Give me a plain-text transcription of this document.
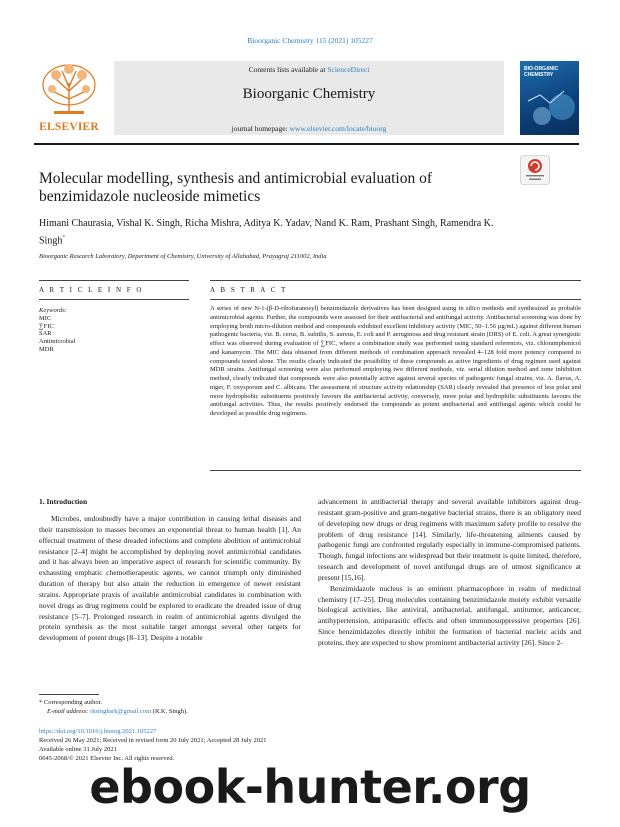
Bioorganic Chemistry 115 (2021) 105227
ELSEVIER
Contents lists available at ScienceDirect
Bioorganic Chemistry
journal homepage: www.elsevier.com/locate/bioorg
BIO-ORGANIC CHEMISTRY
Molecular modelling, synthesis and antimicrobial evaluation of benzimidazole nucleoside mimetics
Himani Chaurasia, Vishal K. Singh, Richa Mishra, Aditya K. Yadav, Nand K. Ram, Prashant Singh, Ramendra K. Singh*
Bioorganic Research Laboratory, Department of Chemistry, University of Allahabad, Prayagraj 211002, India
A R T I C L E I N F O	A B S T R A C T
Keywords:
MIC
∑FIC
SAR
Antimicrobial
MDR
A series of new N-1-(β-D-ribofuranosyl) benzimidazole derivatives has been designed using in silico methods and synthesized as probable antimicrobial agents. Further, the compounds were assessed for their antibacterial and antifungal activity. Antibacterial screening was done by employing broth micro-dilution method and compounds exhibited excellent inhibitory activity (MIC, 50–1.56 µg/mL) against different human pathogenic bacteria, viz. B. cerus, B. subtilis, S. aureus, E. coli and P. aeruginosa and drug resistant strain (DRS) of E. coli. A great synergistic effect was observed during evaluation of ∑FIC, where a combination study was performed using standard references, viz. chloramphenicol and kanamycin. The MIC data obtained from different methods of combination approach revealed 4–128 fold more potency compared to compounds tested alone. The results clearly indicated the possibility of these compounds as active ingredients of drug regimen used against MDR strains. Antifungal screening were also performed employing two different methods, viz. serial dilution method and zone inhibition method, clearly indicated that compounds were also potentially active against several species of pathogenic fungal strains, viz. A. flavus, A. niger, F. oxysporum and C. albicans. The assessment of structure activity relationship (SAR) clearly revealed that presence of less polar and more hydrophobic substituents positively favours the antibacterial activity, conversely, more polar and hydrophilic substituents favours the antifungal activities. Thus, the results positively endorsed the compounds as potent antibacterial and antifungal agents which could be developed as possible drug regimens.
1. Introduction

Microbes, undoubtedly have a major contribution in causing lethal diseases and their transmission to masses becomes an exponential threat to human health [1]. An effectual treatment of these dreaded infections and complete abolition of antimicrobial resistance [2–4] might be accomplished by deploying novel antimicrobial candidates and it has always been an imperative aspect of research for scientific community. By exhausting emphatic chemotherapeutic agents, we cannot triumph only diminished duration of therapy but also attain the reduction in emergence of newer resistant strains. Appropriate praxis of available antimicrobial candidates in combination with novel drugs as drug regimens could be explored to eradicate the dreaded issue of drug resistance [5–7]. Prolonged research in realm of antimicrobial agents divulged the protein synthesis as the most suitable target amongst several other targets for development of potent drugs [8–13]. Despite a notable

advancement in antibacterial therapy and several available inhibitors against drug-resistant gram-positive and gram-negative bacterial strains, there is an obligatory need of developing new drugs or drug regimens with maximum safety profile to resolve the problem of drug resistance [14]. Similarly, life-threatening ailments caused by pathogenic fungi are confronted regularly especially in immune-compromised patients. Though, fungal infections are widespread but their treatment is quite limited, therefore, research and development of novel antifungal drugs are of utmost significance at present [15,16].

Benzimidazole nucleus is an eminent pharmacophore in realm of medicinal chemistry [17–25]. Drug molecules containing benzimidazole moiety exhibit versatile biological activities, like antiviral, antibacterial, antifungal, antitumor, anticancer, antihypertension, antiparasitic effects and often immunosuppressive properties [26]. Since benzimidazoles directly inhibit the formation of bacterial nucleic acids and proteins, they are expected to show prominent antibacterial activity [26]. Since 2-

* Corresponding author.
E-mail address: rksinghsrk@gmail.com (R.K. Singh).
https://doi.org/10.1016/j.bioorg.2021.105227
Received 26 May 2021; Received in revised form 20 July 2021; Accepted 28 July 2021
Available online 31 July 2021
0045-2068/© 2021 Elsevier Inc. All rights reserved.
ebook-hunter.org
